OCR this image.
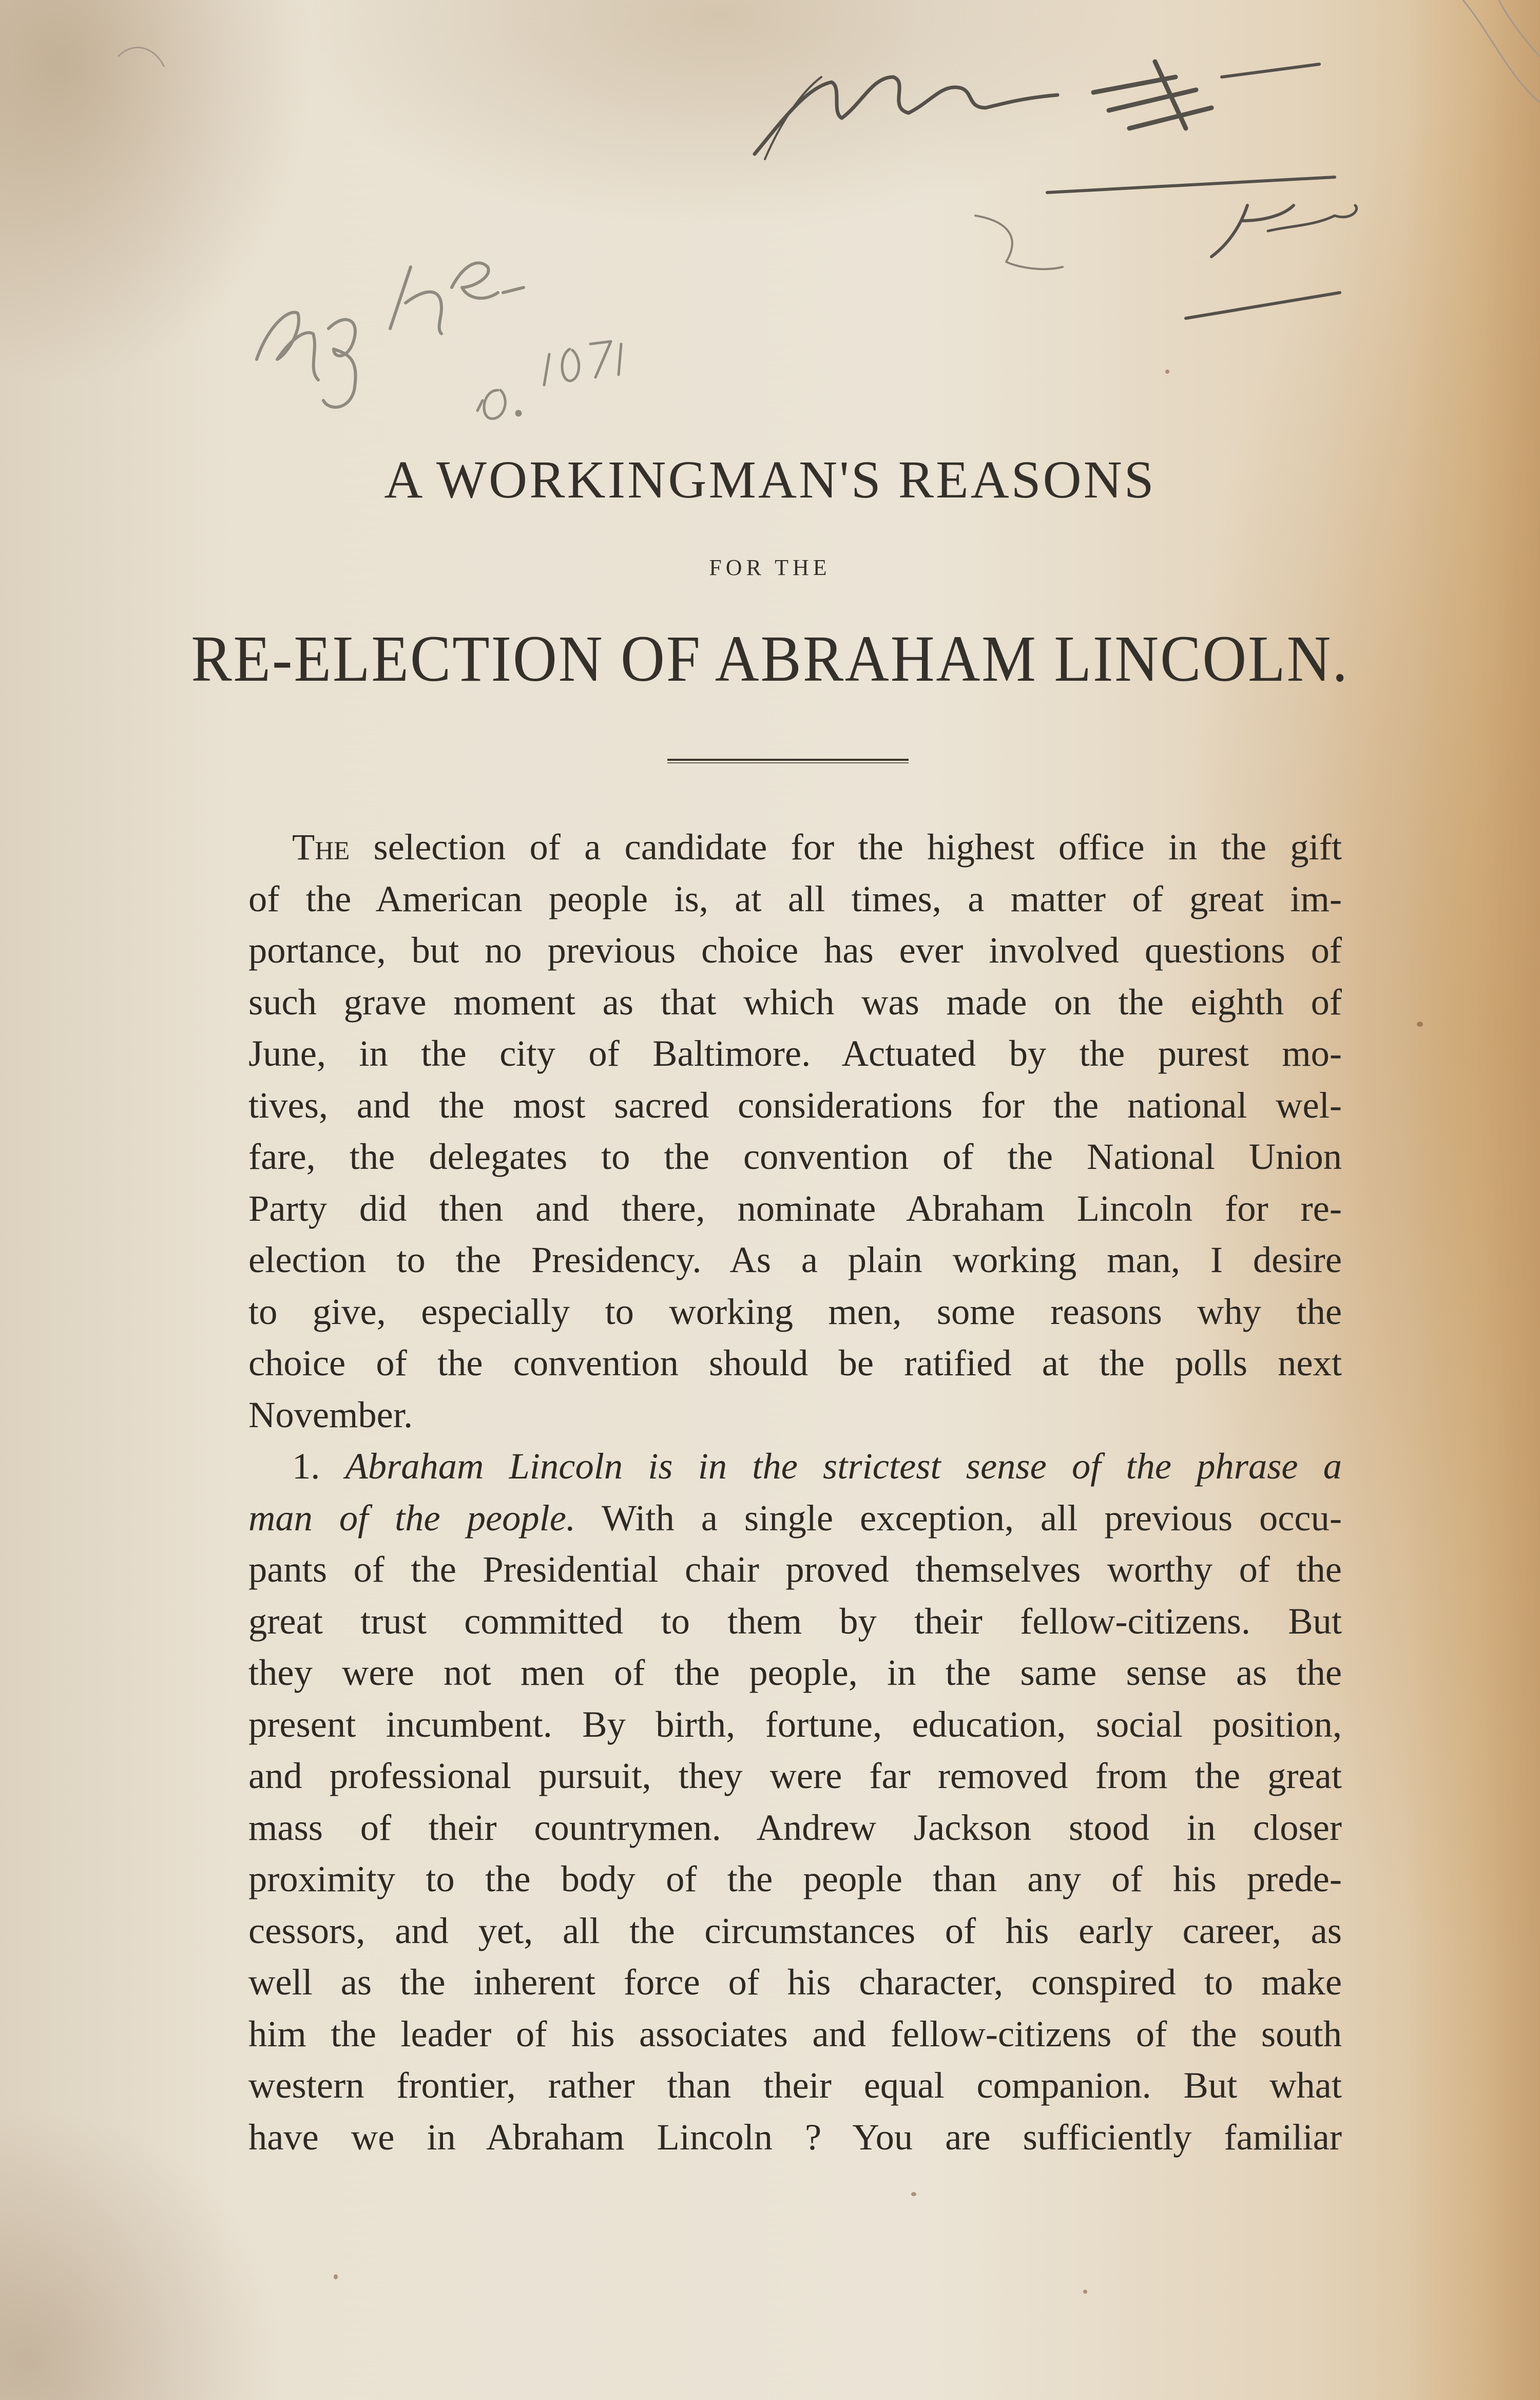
A WORKINGMAN'S REASONS
FOR THE
RE-ELECTION OF ABRAHAM LINCOLN.
The selection of a candidate for the highest office in the gift
of the American people is, at all times, a matter of great im-
portance, but no previous choice has ever involved questions of
such grave moment as that which was made on the eighth of
June, in the city of Baltimore. Actuated by the purest mo-
tives, and the most sacred considerations for the national wel-
fare, the delegates to the convention of the National Union
Party did then and there, nominate Abraham Lincoln for re-
election to the Presidency. As a plain working man, I desire
to give, especially to working men, some reasons why the
choice of the convention should be ratified at the polls next
November.
1. Abraham Lincoln is in the strictest sense of the phrase a
man of the people. With a single exception, all previous occu-
pants of the Presidential chair proved themselves worthy of the
great trust committed to them by their fellow-citizens. But
they were not men of the people, in the same sense as the
present incumbent. By birth, fortune, education, social position,
and professional pursuit, they were far removed from the great
mass of their countrymen. Andrew Jackson stood in closer
proximity to the body of the people than any of his prede-
cessors, and yet, all the circumstances of his early career, as
well as the inherent force of his character, conspired to make
him the leader of his associates and fellow-citizens of the south
western frontier, rather than their equal companion. But what
have we in Abraham Lincoln ? You are sufficiently familiar
